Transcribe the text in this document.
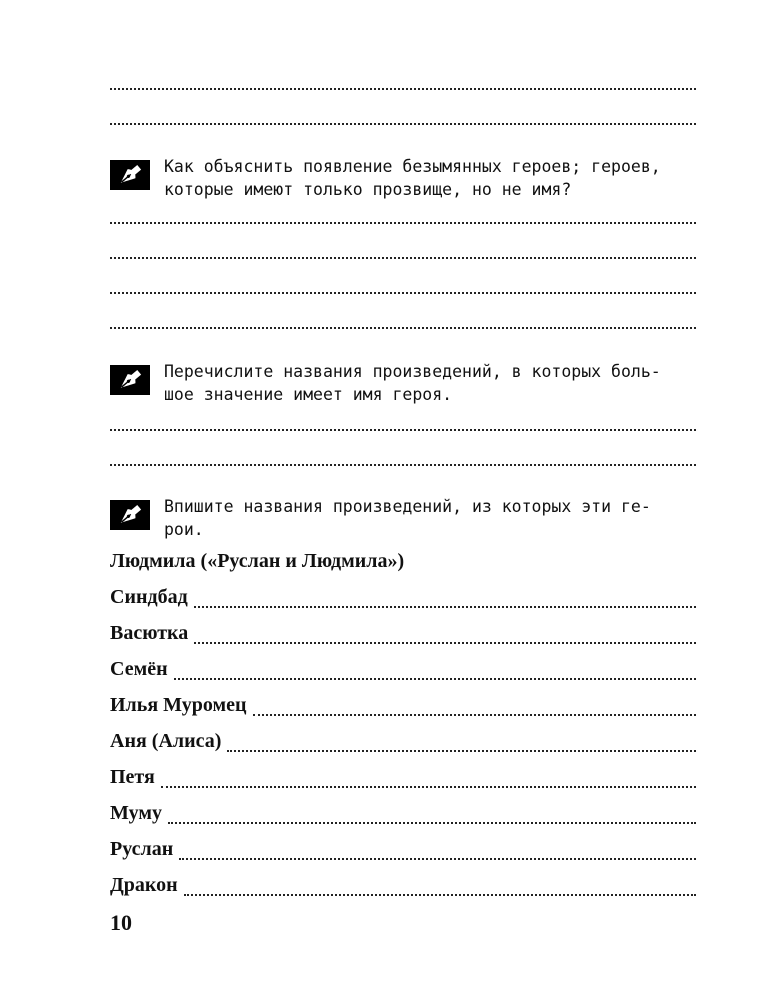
Как объяснить появление безымянных героев; героев,
которые имеют только прозвище, но не имя?
Перечислите названия произведений, в которых боль-
шое значение имеет имя героя.
Впишите названия произведений, из которых эти ге-
рои.
Людмила («Руслан и Людмила»)
Синдбад
Васютка
Семён
Илья Муромец
Аня (Алиса)
Петя
Муму
Руслан
Дракон
10
